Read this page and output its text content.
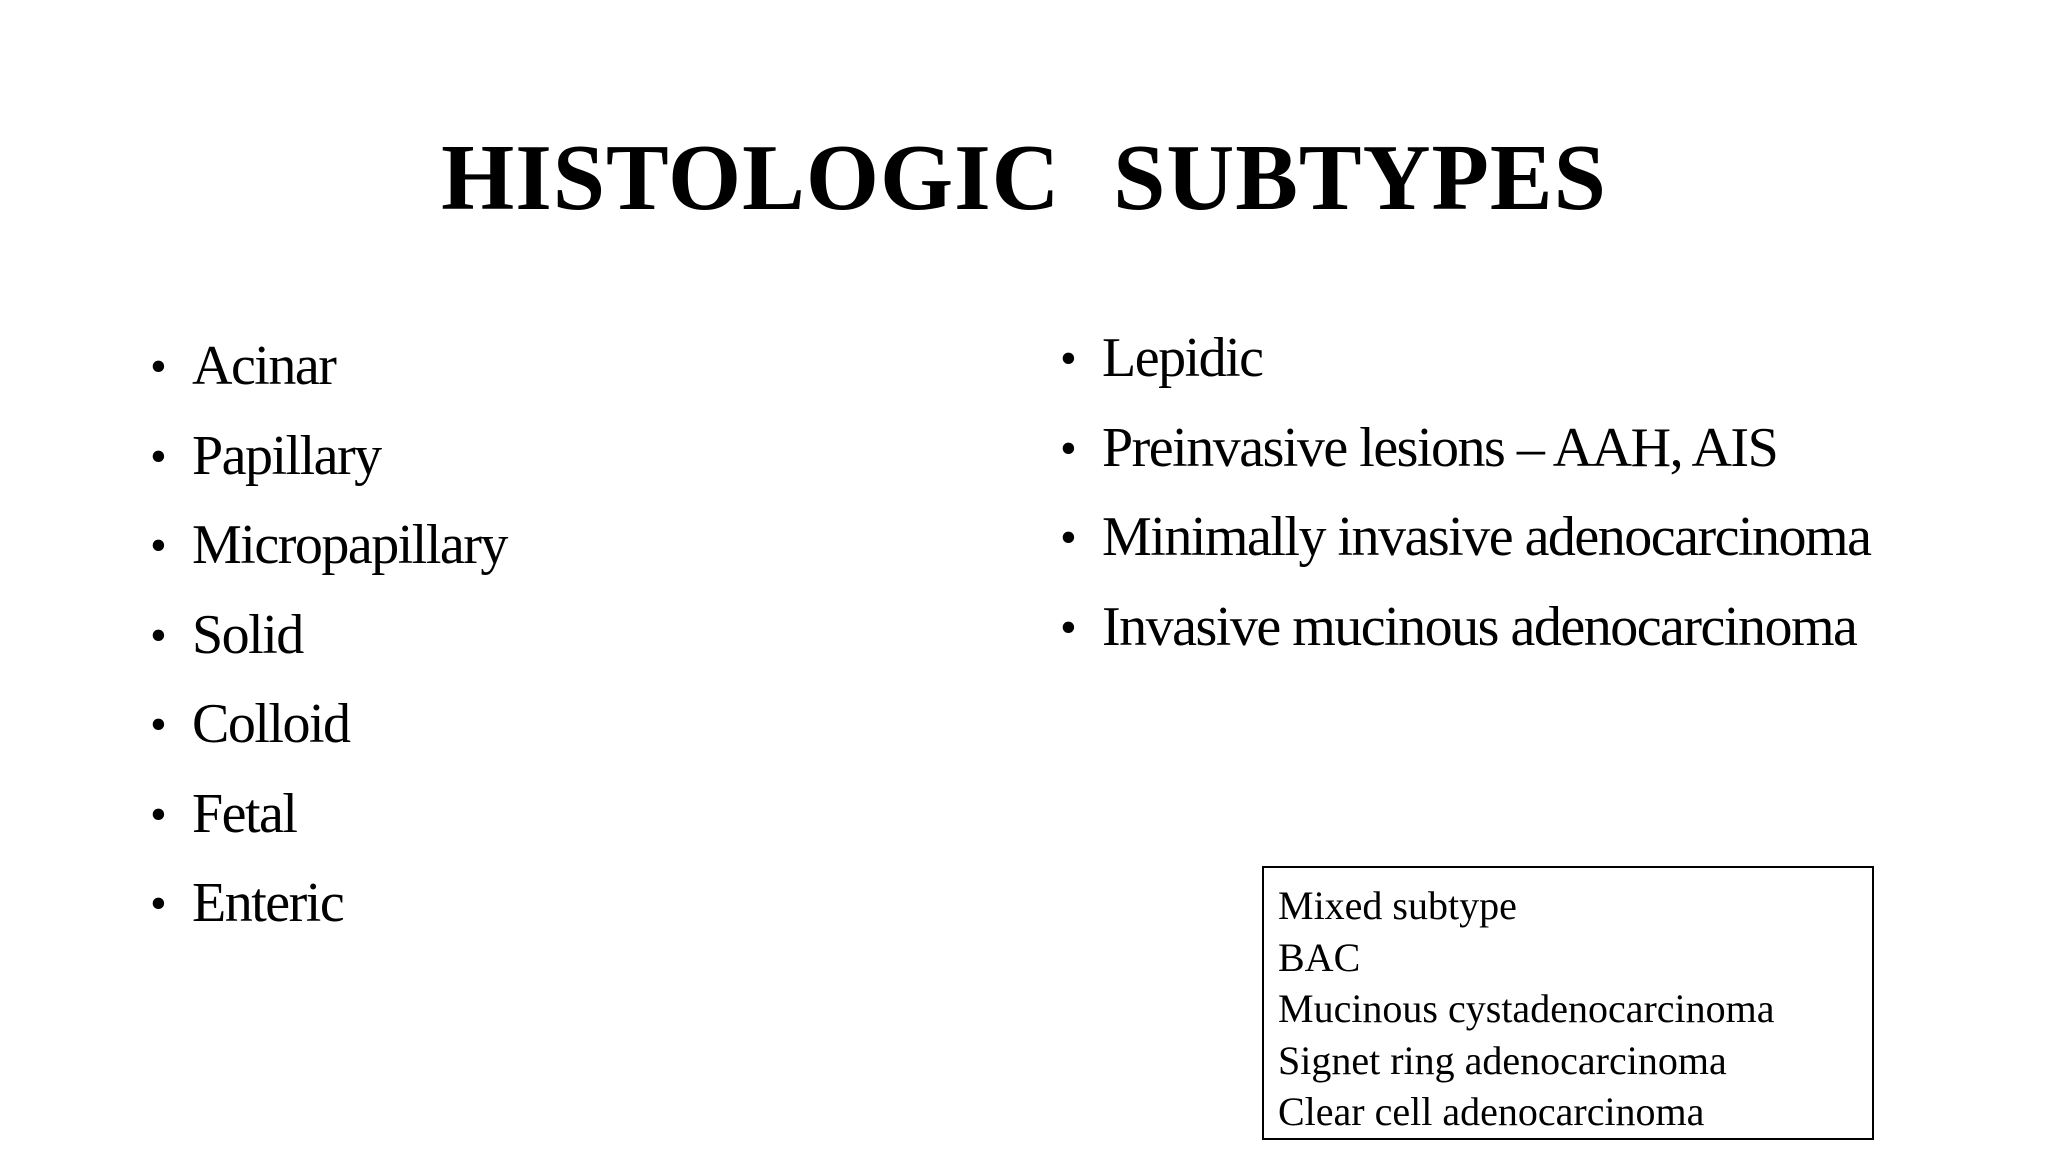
HISTOLOGIC SUBTYPES
• Acinar
• Papillary
• Micropapillary
• Solid
• Colloid
• Fetal
• Enteric
• Lepidic
• Preinvasive lesions – AAH, AIS
• Minimally invasive adenocarcinoma
• Invasive mucinous adenocarcinoma
Mixed subtype
BAC
Mucinous cystadenocarcinoma
Signet ring adenocarcinoma
Clear cell adenocarcinoma
